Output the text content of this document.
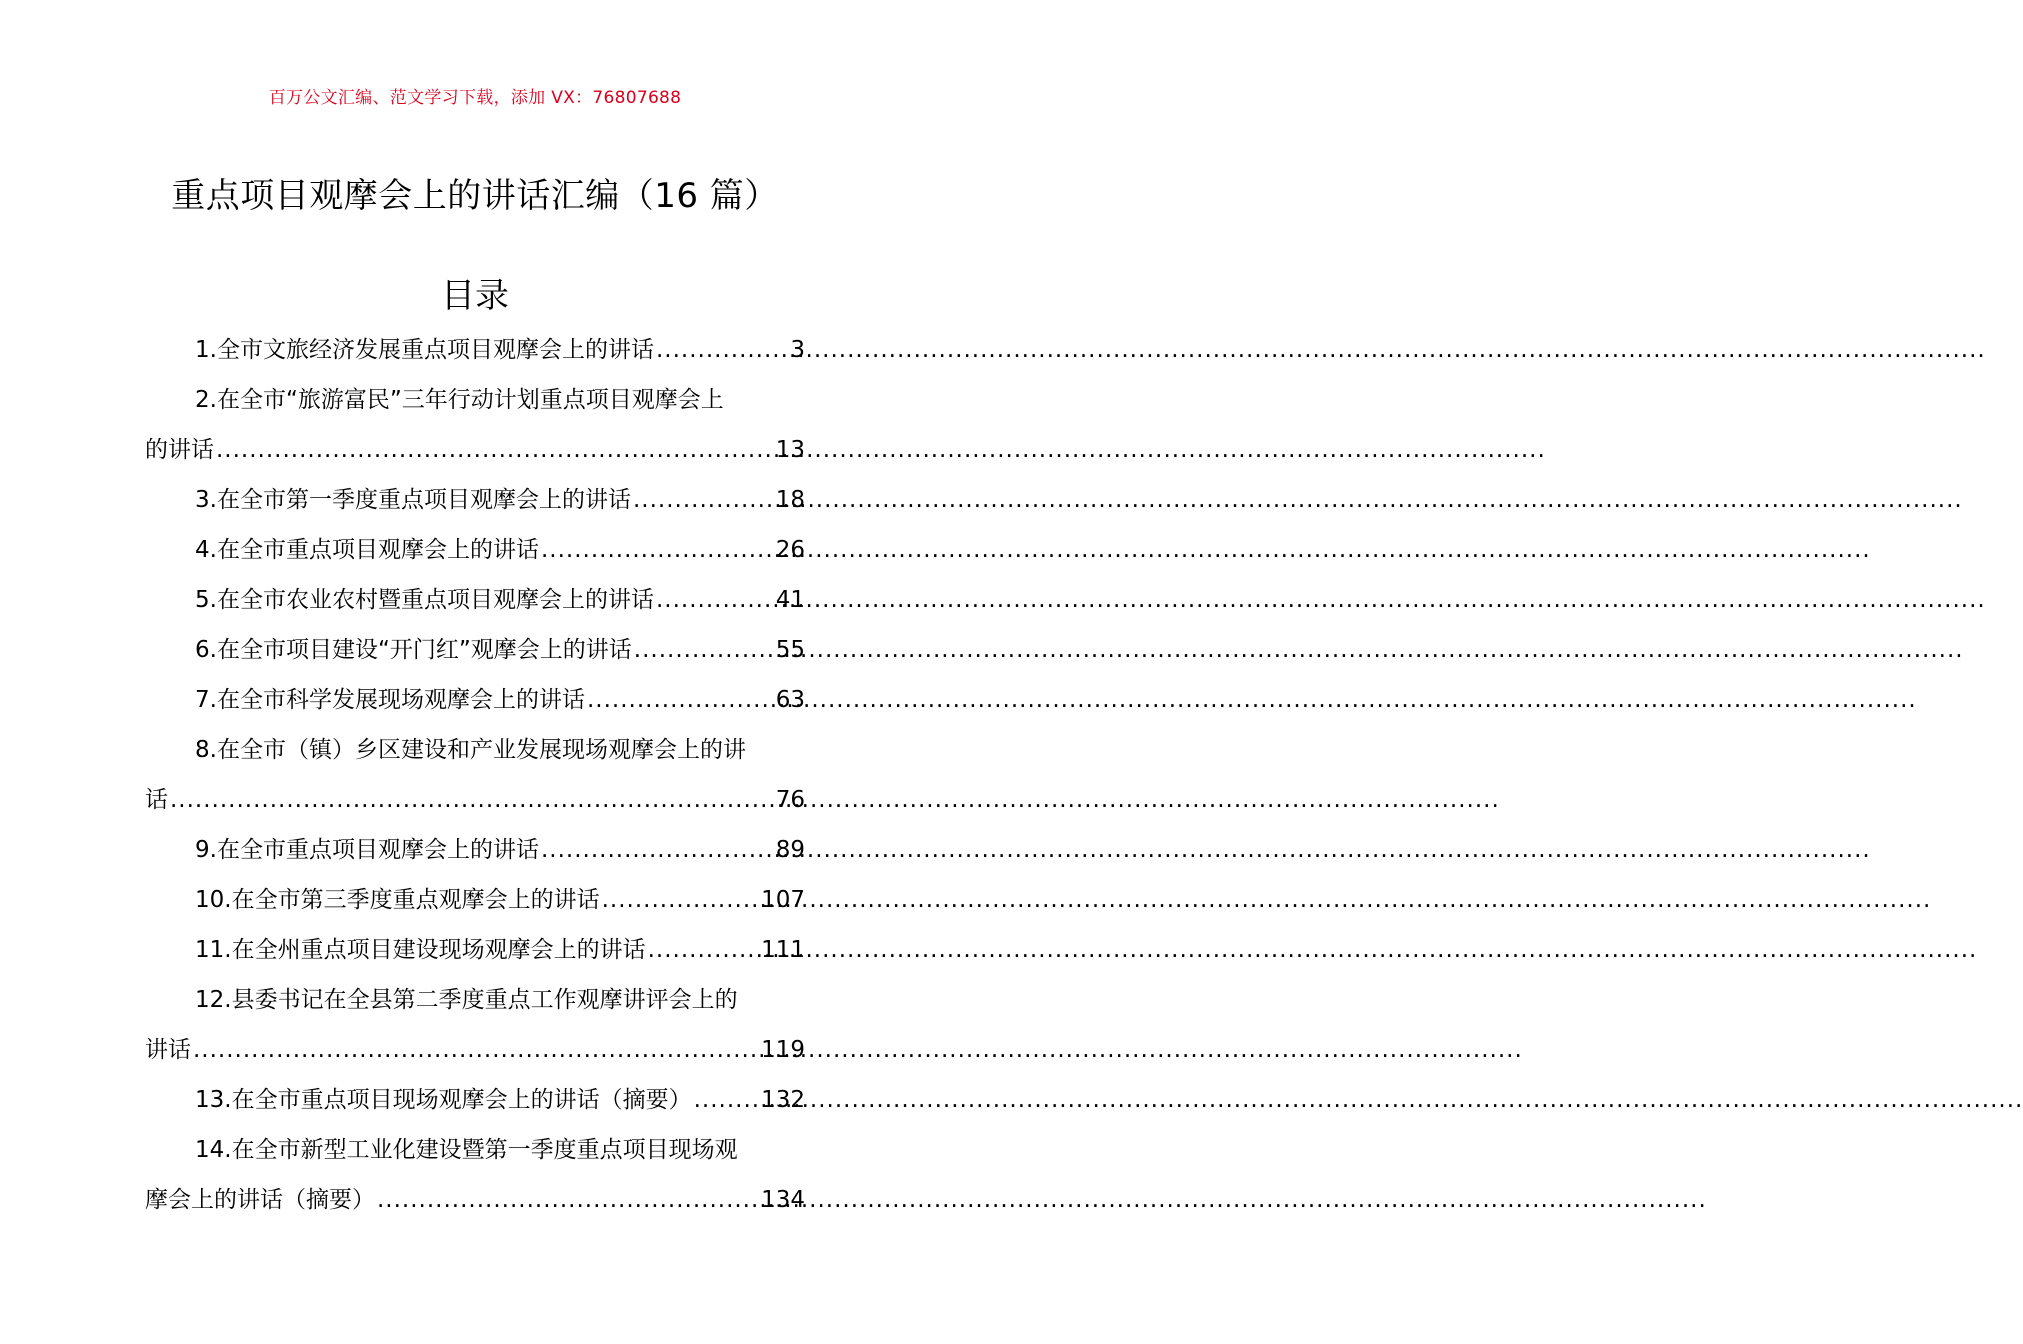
百万公文汇编、范文学习下载，添加 VX：76807688
重点项目观摩会上的讲话汇编（16 篇）
目录
1.全市文旅经济发展重点项目观摩会上的讲话 .....	3
2. 在全市“旅游富民”三年行动计划重点项目观摩会上
的讲话 .....	13
3.在全市第一季度重点项目观摩会上的讲话 .....	18
4.在全市重点项目观摩会上的讲话 .....	26
5.在全市农业农村暨重点项目观摩会上的讲话 .....	41
6.在全市项目建设“开门红”观摩会上的讲话 .....	55
7.在全市科学发展现场观摩会上的讲话 .....	63
8. 在全市（镇）乡区建设和产业发展现场观摩会上的讲
话 .....	76
9.在全市重点项目观摩会上的讲话 .....	89
10.在全市第三季度重点观摩会上的讲话 .....	107
11.在全州重点项目建设现场观摩会上的讲话 .....	111
12. 县委书记在全县第二季度重点工作观摩讲评会上的
讲话 .....	119
13.在全市重点项目现场观摩会上的讲话（摘要） .....	132
14. 在全市新型工业化建设暨第一季度重点项目现场观
摩会上的讲话（摘要） .....	134
